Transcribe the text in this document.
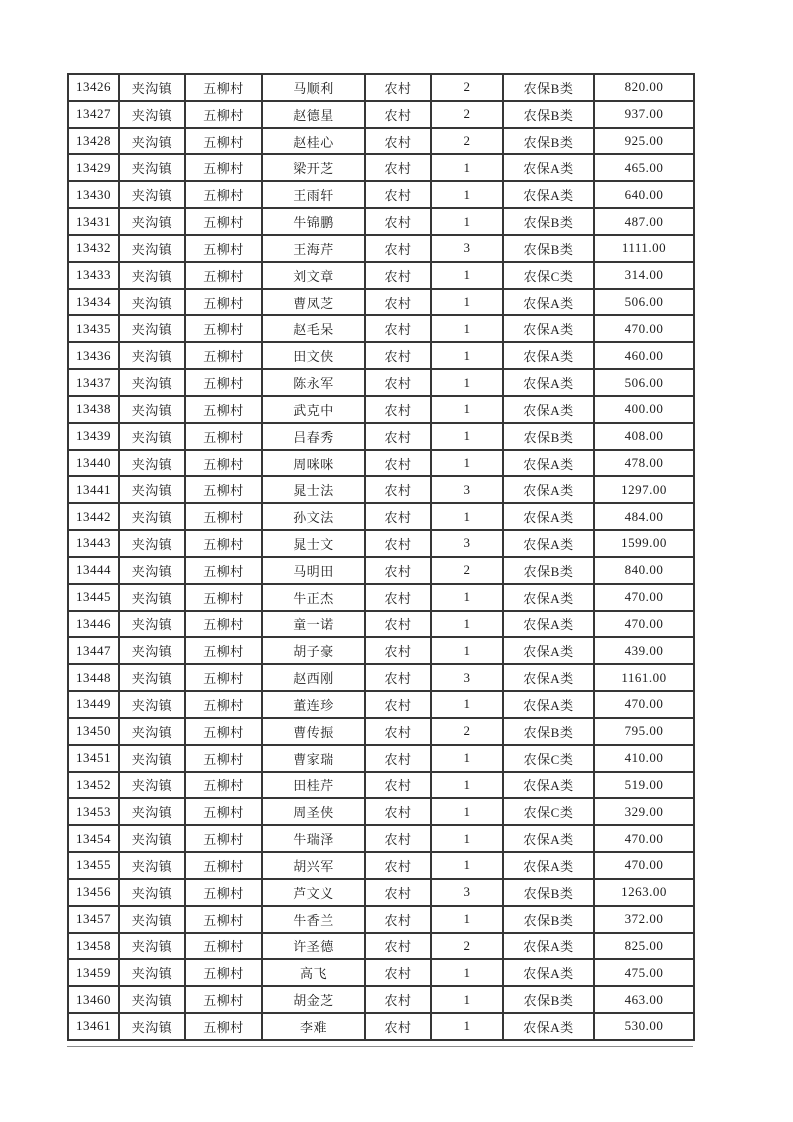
13426	夹沟镇	五柳村	马顺利	农村	2	农保B类	820.00
13427	夹沟镇	五柳村	赵德星	农村	2	农保B类	937.00
13428	夹沟镇	五柳村	赵桂心	农村	2	农保B类	925.00
13429	夹沟镇	五柳村	梁开芝	农村	1	农保A类	465.00
13430	夹沟镇	五柳村	王雨轩	农村	1	农保A类	640.00
13431	夹沟镇	五柳村	牛锦鹏	农村	1	农保B类	487.00
13432	夹沟镇	五柳村	王海芹	农村	3	农保B类	1111.00
13433	夹沟镇	五柳村	刘文章	农村	1	农保C类	314.00
13434	夹沟镇	五柳村	曹凤芝	农村	1	农保A类	506.00
13435	夹沟镇	五柳村	赵毛呆	农村	1	农保A类	470.00
13436	夹沟镇	五柳村	田文侠	农村	1	农保A类	460.00
13437	夹沟镇	五柳村	陈永军	农村	1	农保A类	506.00
13438	夹沟镇	五柳村	武克中	农村	1	农保A类	400.00
13439	夹沟镇	五柳村	吕春秀	农村	1	农保B类	408.00
13440	夹沟镇	五柳村	周咪咪	农村	1	农保A类	478.00
13441	夹沟镇	五柳村	晁士法	农村	3	农保A类	1297.00
13442	夹沟镇	五柳村	孙文法	农村	1	农保A类	484.00
13443	夹沟镇	五柳村	晁士文	农村	3	农保A类	1599.00
13444	夹沟镇	五柳村	马明田	农村	2	农保B类	840.00
13445	夹沟镇	五柳村	牛正杰	农村	1	农保A类	470.00
13446	夹沟镇	五柳村	童一诺	农村	1	农保A类	470.00
13447	夹沟镇	五柳村	胡子豪	农村	1	农保A类	439.00
13448	夹沟镇	五柳村	赵西刚	农村	3	农保A类	1161.00
13449	夹沟镇	五柳村	董连珍	农村	1	农保A类	470.00
13450	夹沟镇	五柳村	曹传振	农村	2	农保B类	795.00
13451	夹沟镇	五柳村	曹家瑞	农村	1	农保C类	410.00
13452	夹沟镇	五柳村	田桂芹	农村	1	农保A类	519.00
13453	夹沟镇	五柳村	周圣侠	农村	1	农保C类	329.00
13454	夹沟镇	五柳村	牛瑞泽	农村	1	农保A类	470.00
13455	夹沟镇	五柳村	胡兴军	农村	1	农保A类	470.00
13456	夹沟镇	五柳村	芦文义	农村	3	农保B类	1263.00
13457	夹沟镇	五柳村	牛香兰	农村	1	农保B类	372.00
13458	夹沟镇	五柳村	许圣德	农村	2	农保A类	825.00
13459	夹沟镇	五柳村	高飞	农村	1	农保A类	475.00
13460	夹沟镇	五柳村	胡金芝	农村	1	农保B类	463.00
13461	夹沟镇	五柳村	李难	农村	1	农保A类	530.00
